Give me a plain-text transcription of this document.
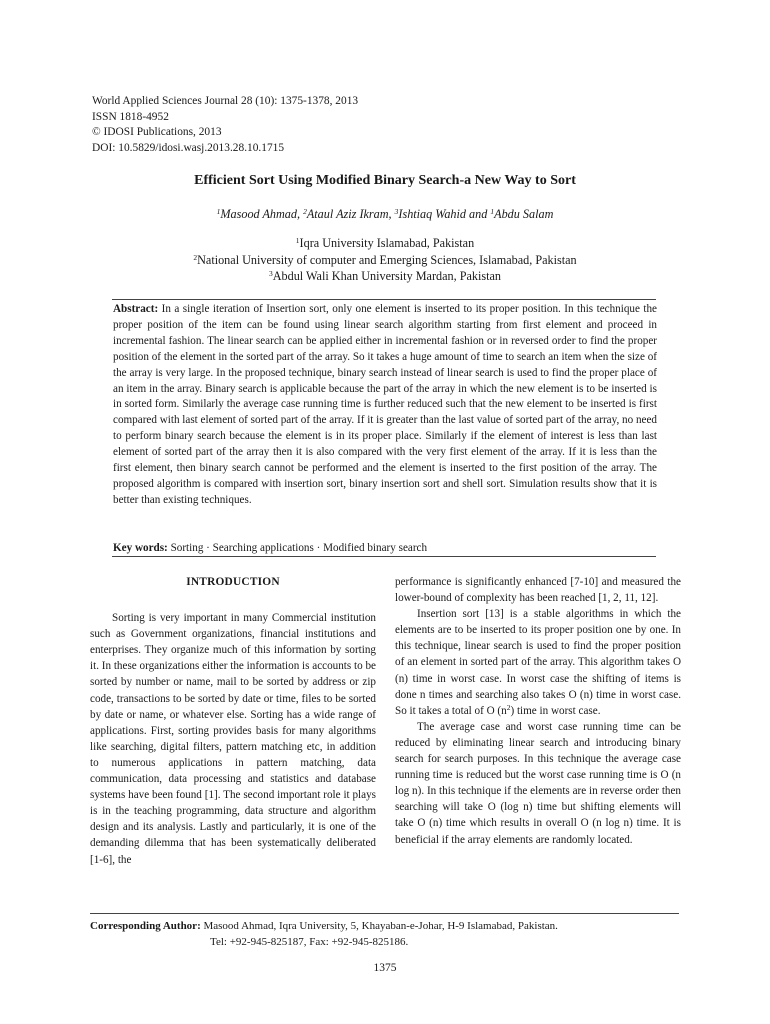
World Applied Sciences Journal 28 (10): 1375-1378, 2013
ISSN 1818-4952
© IDOSI Publications, 2013
DOI: 10.5829/idosi.wasj.2013.28.10.1715
Efficient Sort Using Modified Binary Search-a New Way to Sort
$^1$Masood Ahmad, $^2$Ataul Aziz Ikram, $^3$Ishtiaq Wahid and $^1$Abdu Salam
$^1$Iqra University Islamabad, Pakistan
$^2$National University of computer and Emerging Sciences, Islamabad, Pakistan
$^3$Abdul Wali Khan University Mardan, Pakistan
Abstract: In a single iteration of Insertion sort, only one element is inserted to its proper position. In this technique the proper position of the item can be found using linear search algorithm starting from first element and proceed in incremental fashion. The linear search can be applied either in incremental fashion or in reversed order to find the proper position of the element in the sorted part of the array. So it takes a huge amount of time to search an item when the size of the array is very large. In the proposed technique, binary search instead of linear search is used to find the proper place of an item in the array. Binary search is applicable because the part of the array in which the new element is to be inserted is in sorted form. Similarly the average case running time is further reduced such that the new element to be inserted is first compared with last element of sorted part of the array. If it is greater than the last value of sorted part of the array, no need to perform binary search because the element is in its proper place. Similarly if the element of interest is less than last element of sorted part of the array then it is also compared with the very first element of the array. If it is less than the first element, then binary search cannot be performed and the element is inserted to the first position of the array. The proposed algorithm is compared with insertion sort, binary insertion sort and shell sort. Simulation results show that it is better than existing techniques.
Key words: Sorting · Searching applications · Modified binary search
INTRODUCTION

Sorting is very important in many Commercial institution such as Government organizations, financial institutions and enterprises. They organize much of this information by sorting it. In these organizations either the information is accounts to be sorted by number or name, mail to be sorted by address or zip code, transactions to be sorted by date or time, files to be sorted by date or name, or whatever else. Sorting has a wide range of applications. First, sorting provides basis for many algorithms like searching, digital filters, pattern matching etc, in addition to numerous applications in pattern matching, data communication, data processing and statistics and database systems have been found [1]. The second important role it plays is in the teaching programming, data structure and algorithm design and its analysis. Lastly and particularly, it is one of the demanding dilemma that has been systematically deliberated [1-6], the

performance is significantly enhanced [7-10] and measured the lower-bound of complexity has been reached [1, 2, 11, 12].

Insertion sort [13] is a stable algorithms in which the elements are to be inserted to its proper position one by one. In this technique, linear search is used to find the proper position of an element in sorted part of the array. This algorithm takes O (n) time in worst case. In worst case the shifting of items is done n times and searching also takes O (n) time in worst case. So it takes a total of O $(n^2)$ time in worst case.

The average case and worst case running time can be reduced by eliminating linear search and introducing binary search for search purposes. In this technique the average case running time is reduced but the worst case running time is O (n log n). In this technique if the elements are in reverse order then searching will take O (log n) time but shifting elements will take O (n) time which results in overall O (n log n) time. It is beneficial if the array elements are randomly located.

Corresponding Author: Masood Ahmad, Iqra University, 5, Khayaban-e-Johar, H-9 Islamabad, Pakistan.
Tel: +92-945-825187, Fax: +92-945-825186.
1375
